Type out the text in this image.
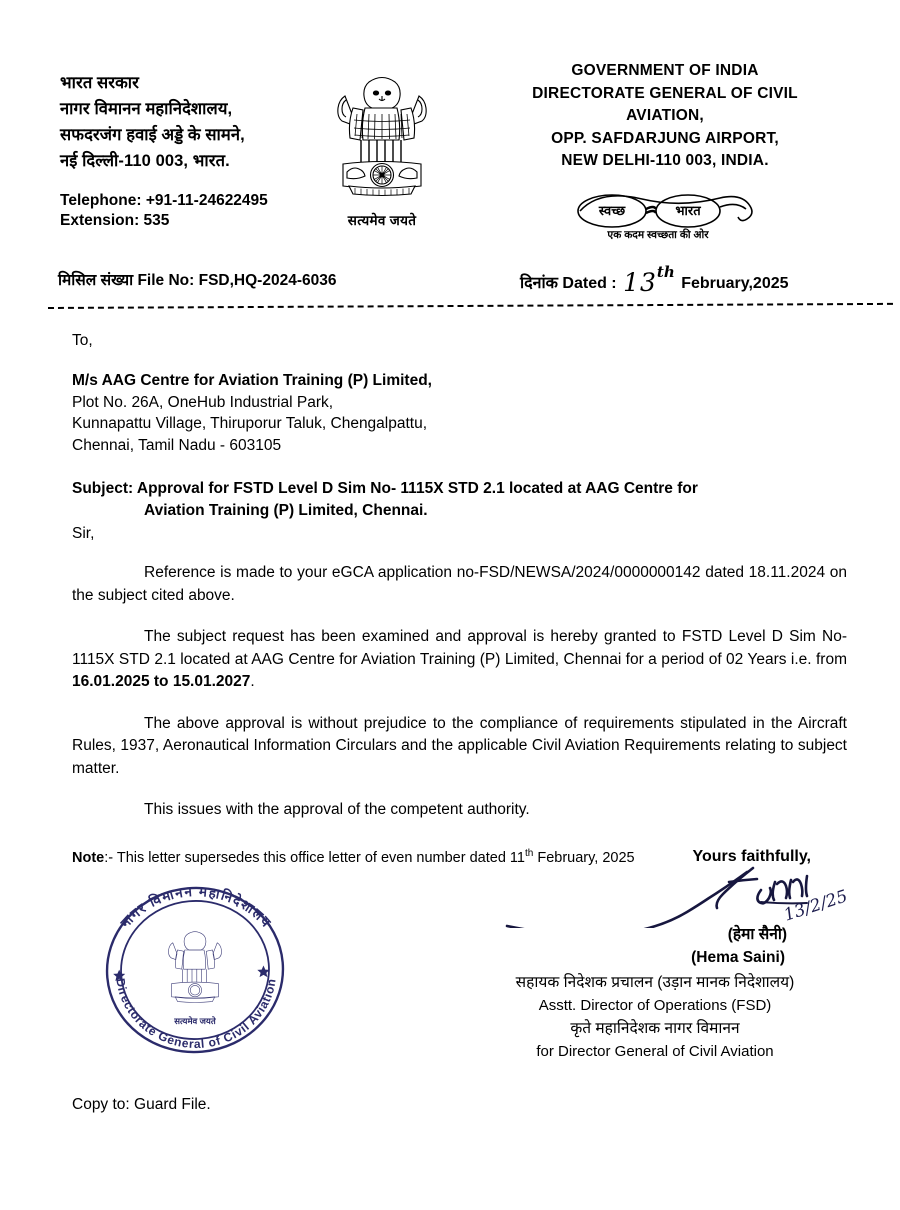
भारत सरकार
नागर विमानन महानिदेशालय,
सफदरजंग हवाई अड्डे के सामने,
नई दिल्ली-110 003, भारत.
Telephone: +91-11-24622495
Extension: 535	सत्यमेव जयते
GOVERNMENT OF INDIA
DIRECTORATE GENERAL OF CIVIL
AVIATION,
OPP. SAFDARJUNG AIRPORT,
NEW DELHI-110 003, INDIA.
स्वच्छ	भारत
एक कदम स्वच्छता की ओर
मिसिल संख्या File No: FSD,HQ-2024-6036	दिनांक Dated : 13th February,2025
To,
M/s AAG Centre for Aviation Training (P) Limited,
Plot No. 26A, OneHub Industrial Park,
Kunnapattu Village, Thiruporur Taluk, Chengalpattu,
Chennai, Tamil Nadu - 603105
Subject: Approval for FSTD Level D Sim No- 1115X STD 2.1 located at AAG Centre for
Aviation Training (P) Limited, Chennai.
Sir,
Reference is made to your eGCA application no-FSD/NEWSA/2024/0000000142 dated 18.11.2024 on the subject cited above.
The subject request has been examined and approval is hereby granted to FSTD Level D Sim No- 1115X STD 2.1 located at AAG Centre for Aviation Training (P) Limited, Chennai for a period of 02 Years i.e. from 16.01.2025 to 15.01.2027.
The above approval is without prejudice to the compliance of requirements stipulated in the Aircraft Rules, 1937, Aeronautical Information Circulars and the applicable Civil Aviation Requirements relating to subject matter.
This issues with the approval of the competent authority.
Note:- This letter supersedes this office letter of even number dated 11th February, 2025	Yours faithfully,
13/2/25
(हेमा सैनी)
(Hema Saini)
सहायक निदेशक प्रचालन (उड़ान मानक निदेशालय)
Asstt. Director of Operations (FSD)
कृते महानिदेशक नागर विमानन
for Director General of Civil Aviation
नागर विमानन महानिदेशालय
Directorate General of Civil Aviation
सत्यमेव जयते
Copy to: Guard File.
